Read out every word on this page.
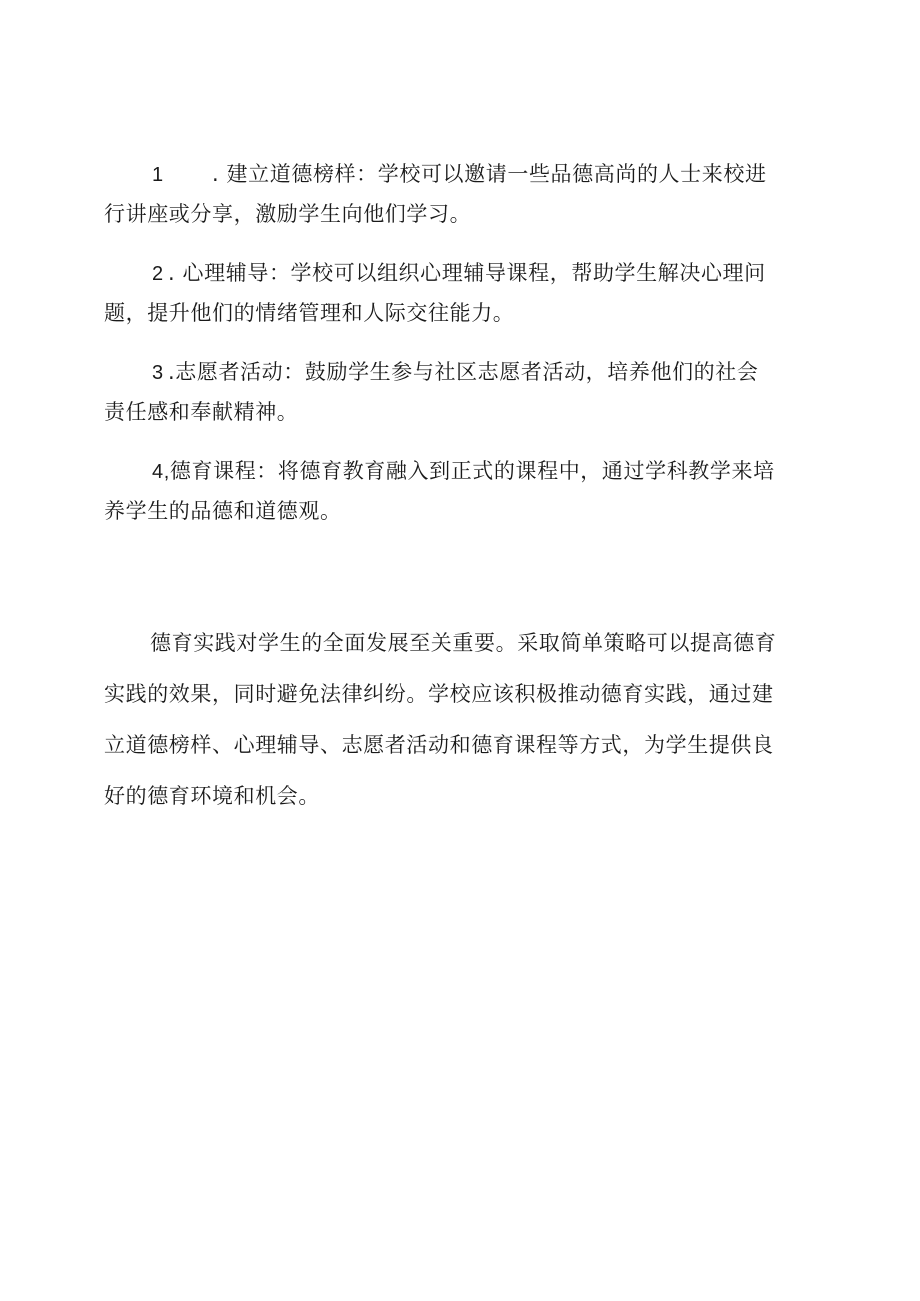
1 . 建立道德榜样：学校可以邀请一些品德高尚的人士来校进
行讲座或分享，激励学生向他们学习。
2 . 心理辅导：学校可以组织心理辅导课程，帮助学生解决心理问
题，提升他们的情绪管理和人际交往能力。
3 .志愿者活动：鼓励学生参与社区志愿者活动，培养他们的社会
责任感和奉献精神。
4,德育课程：将德育教育融入到正式的课程中，通过学科教学来培
养学生的品德和道德观。
德育实践对学生的全面发展至关重要。采取简单策略可以提高德育
实践的效果，同时避免法律纠纷。学校应该积极推动德育实践，通过建
立道德榜样、心理辅导、志愿者活动和德育课程等方式，为学生提供良
好的德育环境和机会。
